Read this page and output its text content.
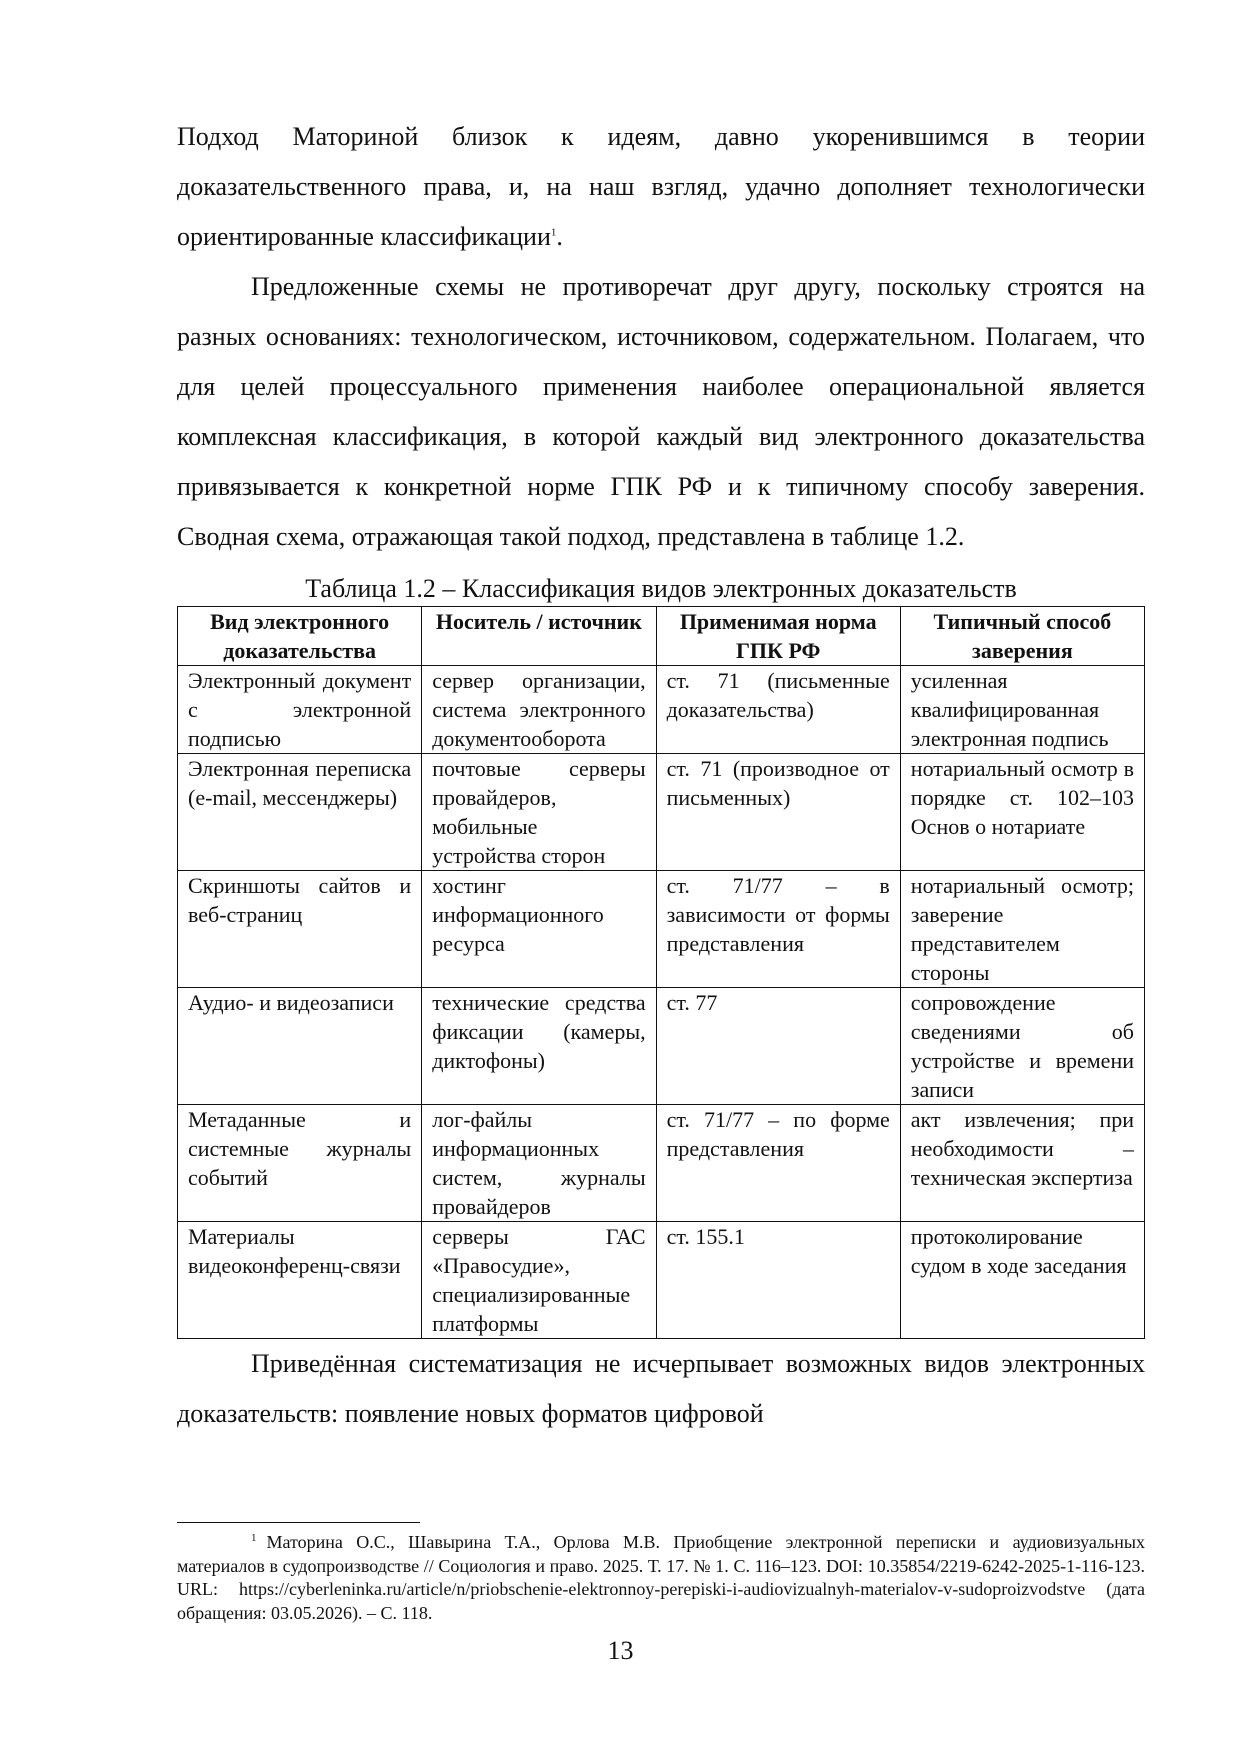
Подход Маториной близок к идеям, давно укоренившимся в теории доказательственного права, и, на наш взгляд, удачно дополняет технологически ориентированные классификации$^1$.

Предложенные схемы не противоречат друг другу, поскольку строятся на разных основаниях: технологическом, источниковом, содержательном. Полагаем, что для целей процессуального применения наиболее операциональной является комплексная классификация, в которой каждый вид электронного доказательства привязывается к конкретной норме ГПК РФ и к типичному способу заверения. Сводная схема, отражающая такой подход, представлена в таблице 1.2.

Таблица 1.2 – Классификация видов электронных доказательств
Вид электронного доказательства	Носитель / источник	Применимая норма ГПК РФ	Типичный способ заверения
Электронный документ с электронной подписью	сервер организации, система электронного документооборота	ст. 71 (письменные доказательства)	усиленная квалифицированная электронная подпись
Электронная переписка (e-mail, мессенджеры)	почтовые серверы провайдеров, мобильные устройства сторон	ст. 71 (производное от письменных)	нотариальный осмотр в порядке ст. 102–103 Основ о нотариате
Скриншоты сайтов и веб-страниц	хостинг информационного ресурса	ст. 71/77 – в зависимости от формы представления	нотариальный осмотр; заверение представителем стороны
Аудио- и видеозаписи	технические средства фиксации (камеры, диктофоны)	ст. 77	сопровождение сведениями об устройстве и времени записи
Метаданные и системные журналы событий	лог-файлы информационных систем, журналы провайдеров	ст. 71/77 – по форме представления	акт извлечения; при необходимости – техническая экспертиза
Материалы видеоконференц-связи	серверы ГАС «Правосудие», специализированные платформы	ст. 155.1	протоколирование судом в ходе заседания

Приведённая систематизация не исчерпывает возможных видов электронных доказательств: появление новых форматов цифровой

$^1$ Маторина О.С., Шавырина Т.А., Орлова М.В. Приобщение электронной переписки и аудиовизуальных материалов в судопроизводстве // Социология и право. 2025. Т. 17. № 1. С. 116–123. DOI: 10.35854/2219-6242-2025-1-116-123. URL: https://cyberleninka.ru/article/n/priobschenie-elektronnoy-perepiski-i-audiovizualnyh-materialov-v-sudoproizvodstve (дата обращения: 03.05.2026). – С. 118.

13
